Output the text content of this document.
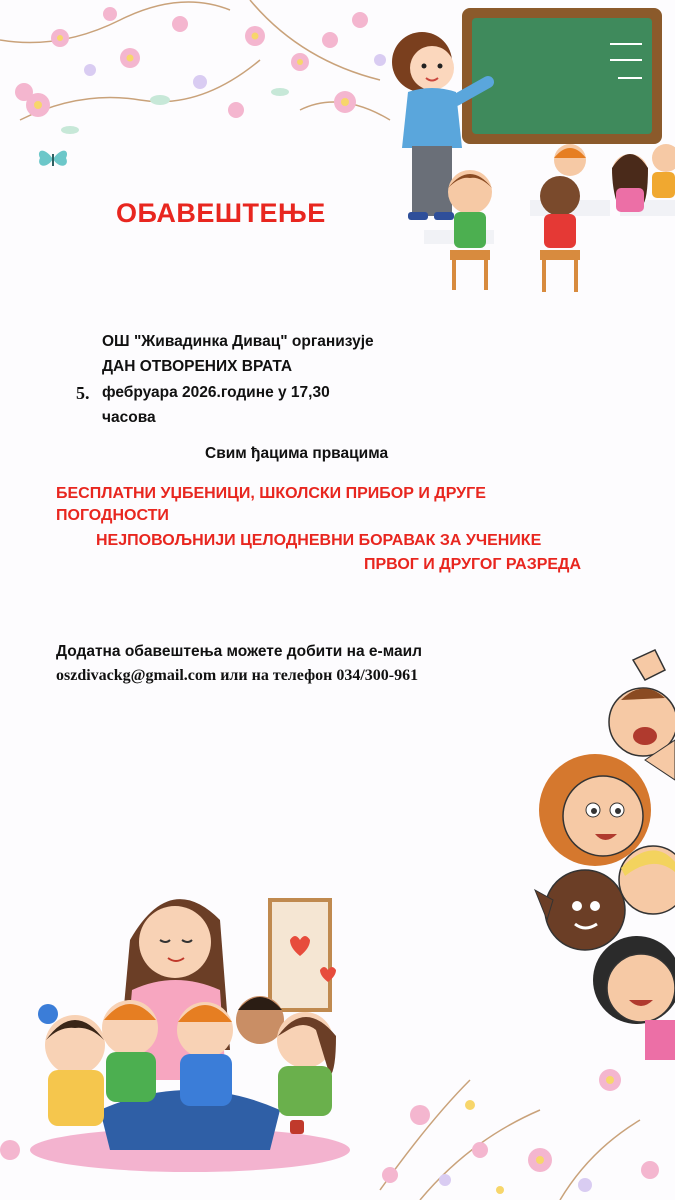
ОБАВЕШТЕЊЕ
ОШ "Живадинка Дивац" организује
ДАН ОТВОРЕНИХ ВРАТА
5. фебруара 2026.године у 17,30
часова
Свим ђацима првацима
БЕСПЛАТНИ УЏБЕНИЦИ, ШКОЛСКИ ПРИБОР И ДРУГЕ
ПОГОДНОСТИ
НЕЈПОВОЉНИЈИ ЦЕЛОДНЕВНИ БОРАВАК ЗА УЧЕНИКЕ
ПРВОГ И ДРУГОГ РАЗРЕДА
Додатна обавештења можете добити на е-маил
oszdivackg@gmail.com или на телефон 034/300-961
